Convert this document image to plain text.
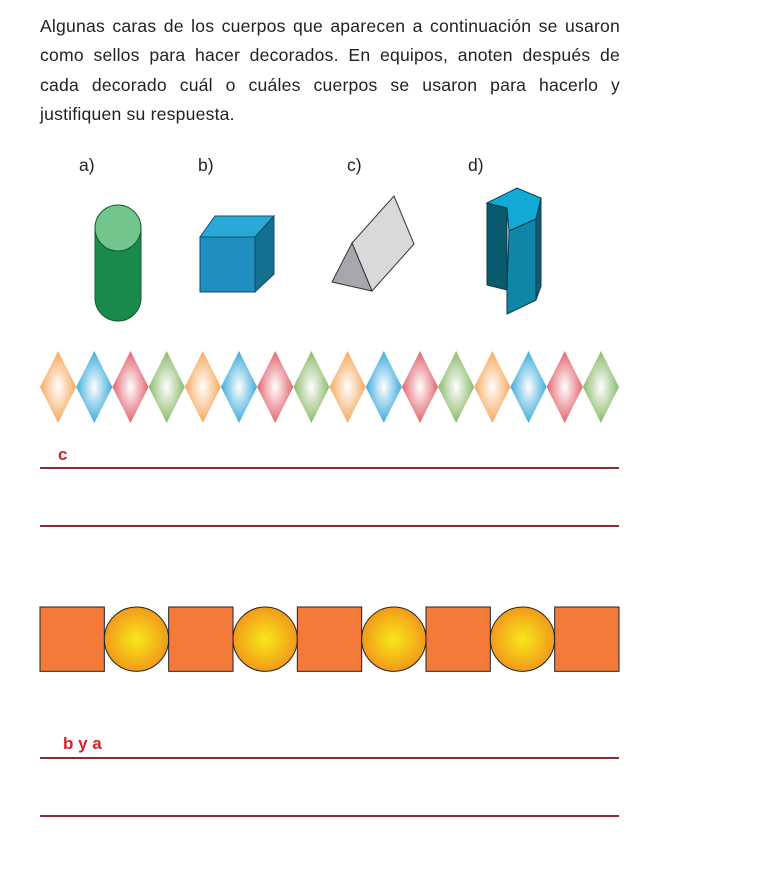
Algunas caras de los cuerpos que aparecen a continuación se usaron como sellos para hacer decorados. En equipos, anoten después de cada decorado cuál o cuáles cuerpos se usaron para hacerlo y justifiquen su respuesta.

a)	b)	c)	d)
c
b y a
